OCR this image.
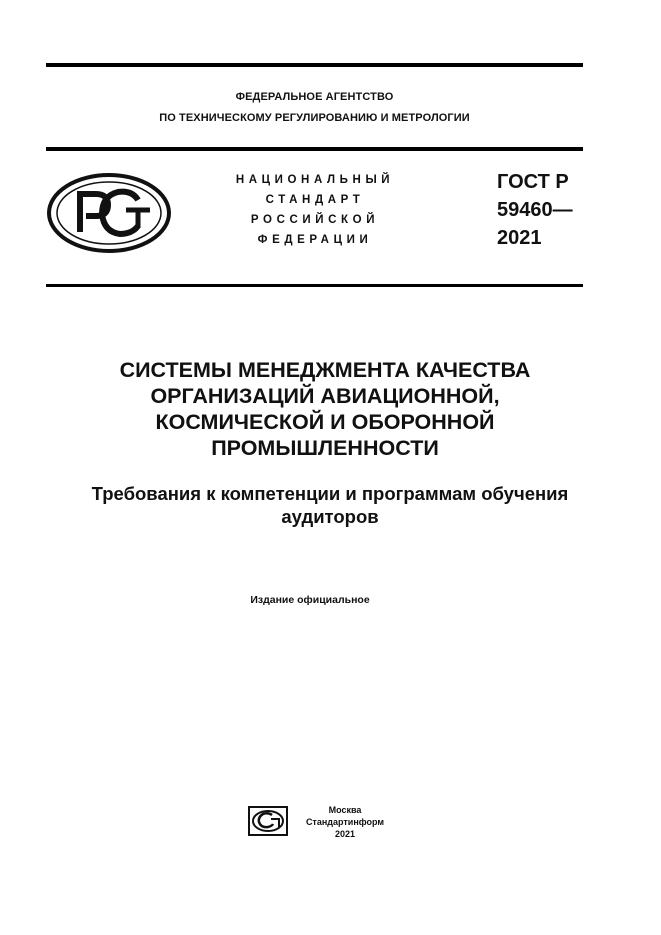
ФЕДЕРАЛЬНОЕ АГЕНТСТВО
ПО ТЕХНИЧЕСКОМУ РЕГУЛИРОВАНИЮ И МЕТРОЛОГИИ
НАЦИОНАЛЬНЫЙ
СТАНДАРТ
РОССИЙСКОЙ
ФЕДЕРАЦИИ
ГОСТ Р
59460—
2021
СИСТЕМЫ МЕНЕДЖМЕНТА КАЧЕСТВА
ОРГАНИЗАЦИЙ АВИАЦИОННОЙ,
КОСМИЧЕСКОЙ И ОБОРОННОЙ
ПРОМЫШЛЕННОСТИ
Требования к компетенции и программам обучения
аудиторов
Издание официальное
Москва
Стандартинформ
2021
